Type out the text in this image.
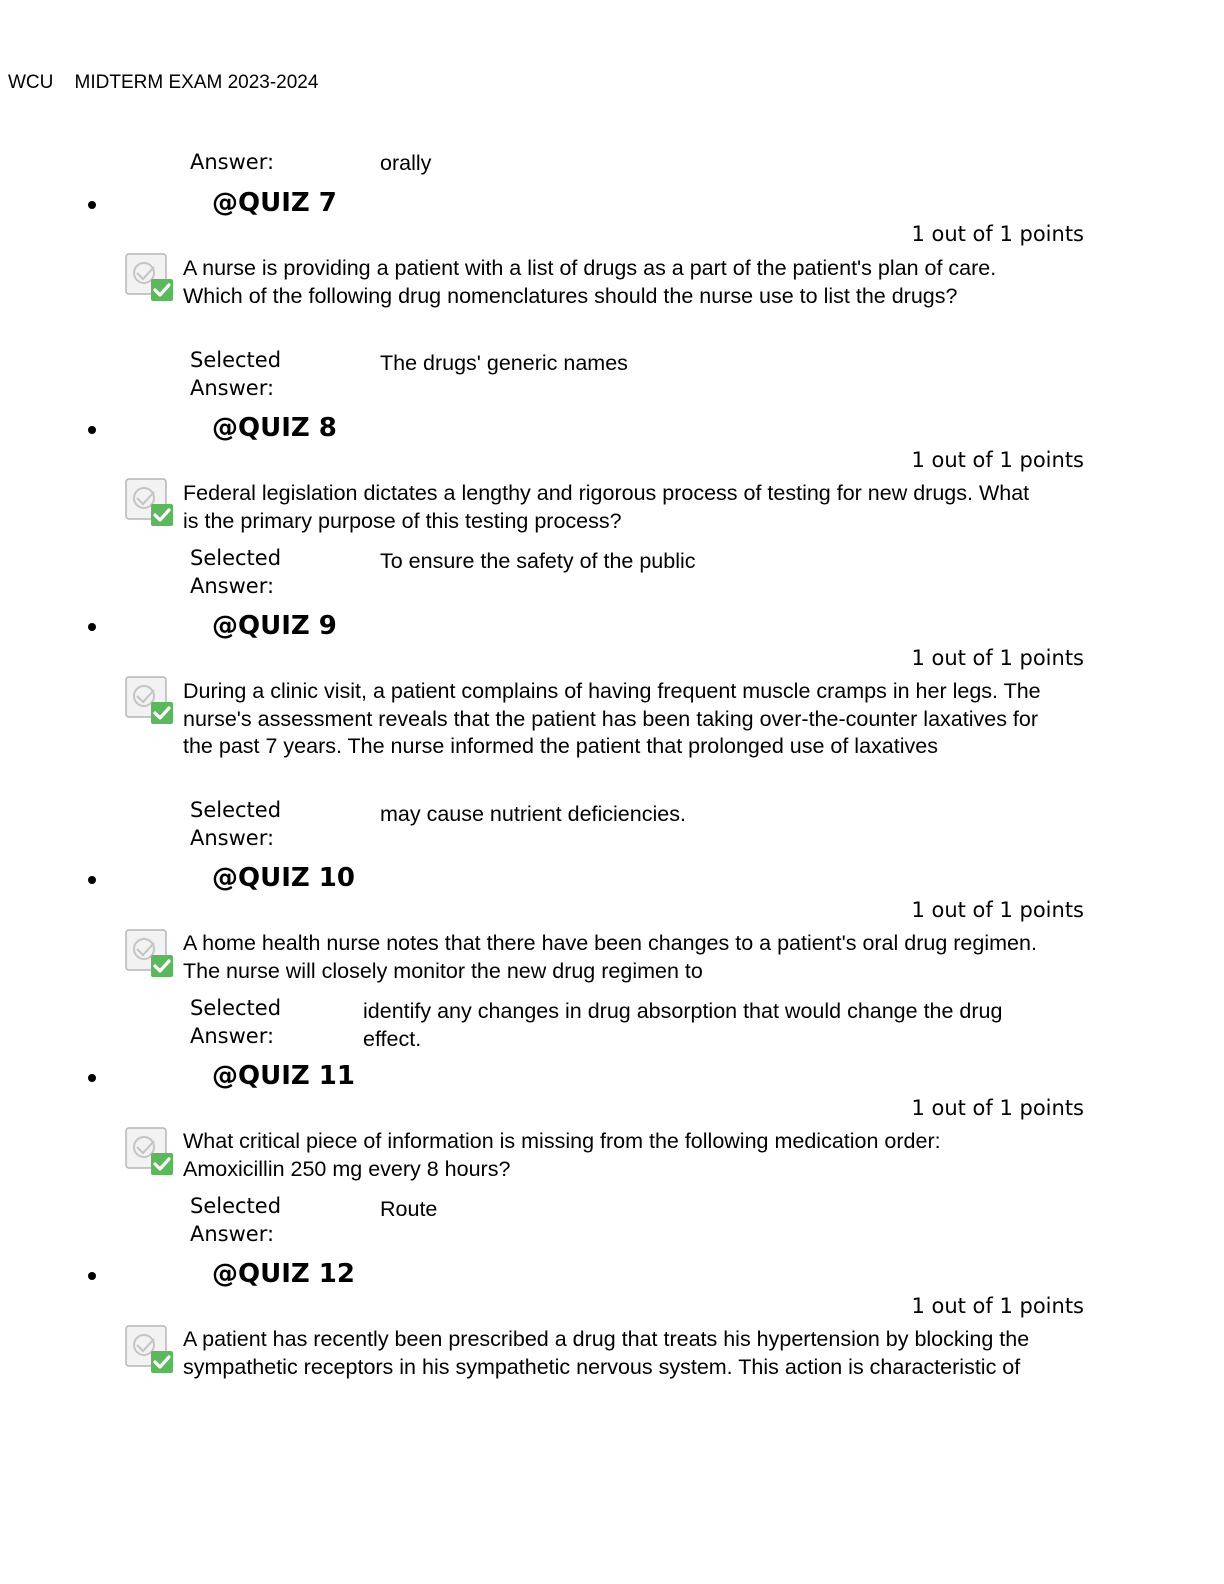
WCU MIDTERM EXAM 2023-2024
Answer:	orally
@QUIZ 7
1 out of 1 points
A nurse is providing a patient with a list of drugs as a part of the patient's plan of care. Which of the following drug nomenclatures should the nurse use to list the drugs?
Selected
Answer:
The drugs' generic names
@QUIZ 8
1 out of 1 points
Federal legislation dictates a lengthy and rigorous process of testing for new drugs. What is the primary purpose of this testing process?
Selected
Answer:
To ensure the safety of the public
@QUIZ 9
1 out of 1 points
During a clinic visit, a patient complains of having frequent muscle cramps in her legs. The nurse's assessment reveals that the patient has been taking over-the-counter laxatives for the past 7 years. The nurse informed the patient that prolonged use of laxatives
Selected
Answer:
may cause nutrient deficiencies.
@QUIZ 10
1 out of 1 points
A home health nurse notes that there have been changes to a patient's oral drug regimen. The nurse will closely monitor the new drug regimen to
Selected
Answer:
identify any changes in drug absorption that would change the drug effect.
@QUIZ 11
1 out of 1 points
What critical piece of information is missing from the following medication order: Amoxicillin 250 mg every 8 hours?
Selected
Answer:
Route
@QUIZ 12
1 out of 1 points
A patient has recently been prescribed a drug that treats his hypertension by blocking the sympathetic receptors in his sympathetic nervous system. This action is characteristic of
